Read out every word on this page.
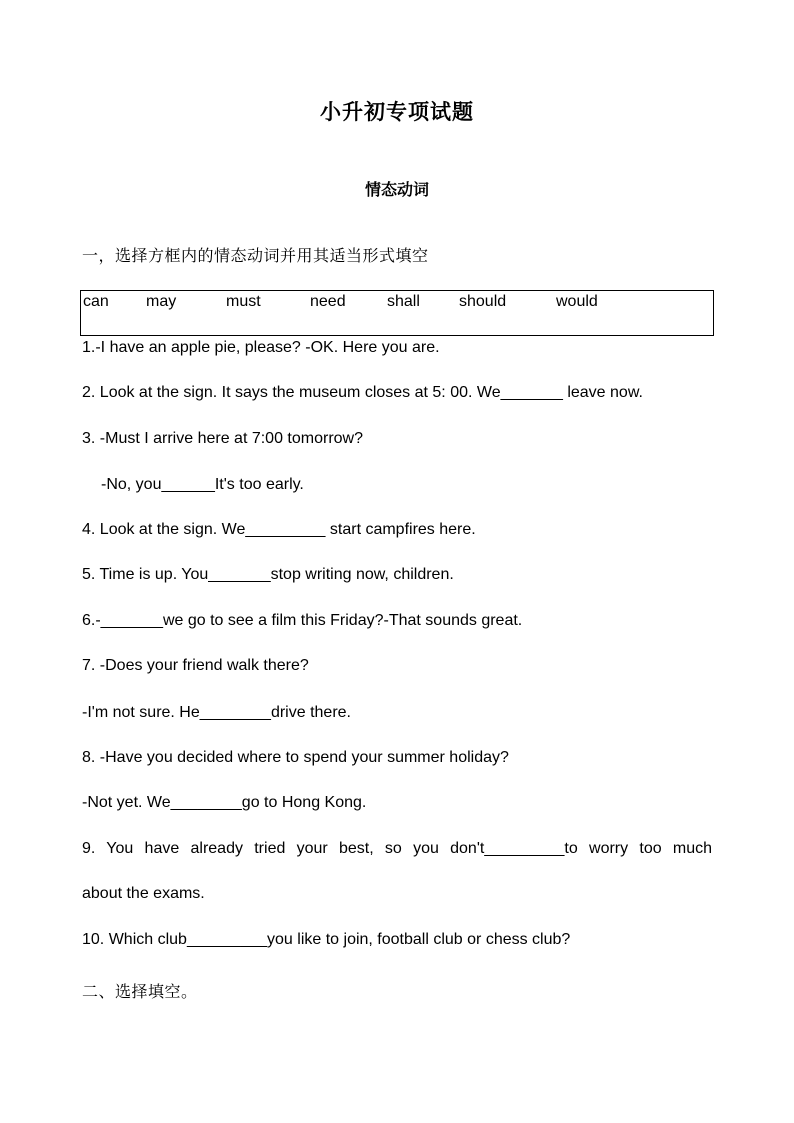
小升初专项试题
情态动词
一，选择方框内的情态动词并用其适当形式填空
can may	must	need	shall should	would
1.-I have an apple pie, please? -OK. Here you are.
2. Look at the sign. It says the museum closes at 5: 00. We_______ leave now.
3. -Must I arrive here at 7:00 tomorrow?
-No, you______It's too early.
4. Look at the sign. We_________ start campfires here.
5. Time is up. You_______stop writing now, children.
6.-_______we go to see a film this Friday?-That sounds great.
7. -Does your friend walk there?
-I'm not sure. He________drive there.
8. -Have you decided where to spend your summer holiday?
-Not yet. We________go to Hong Kong.
9. You have already tried your best, so you don't_________to worry too much
about the exams.
10. Which club_________you like to join, football club or chess club?
二、选择填空。
